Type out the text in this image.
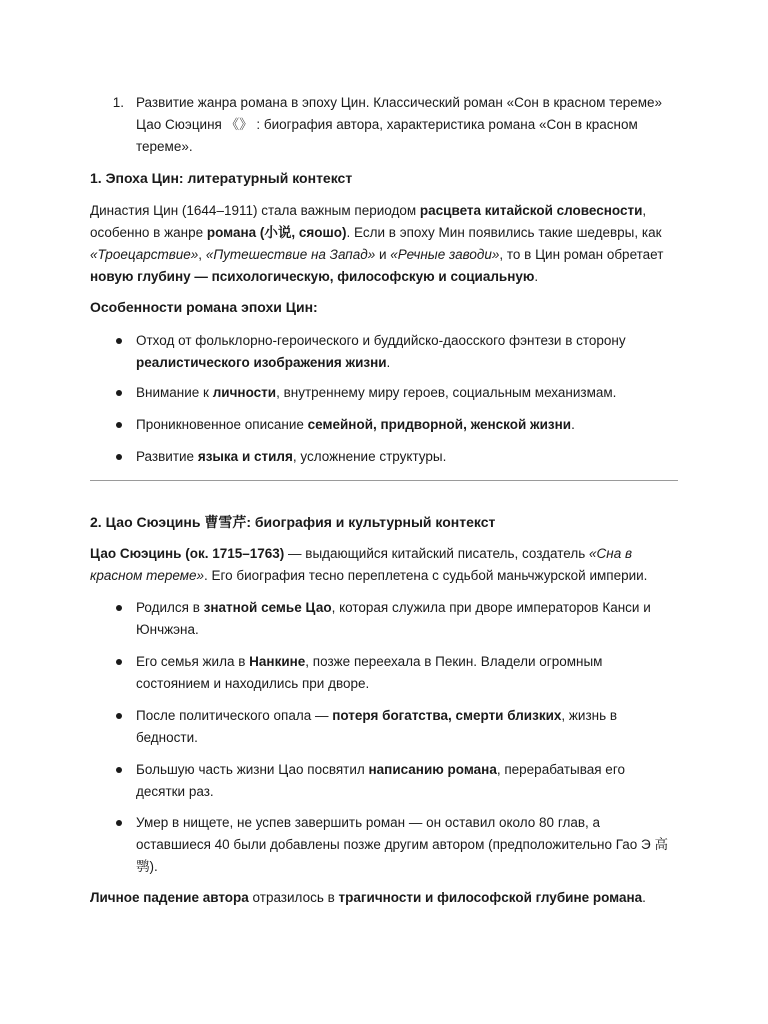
1. Развитие жанра романа в эпоху Цин. Классический роман «Сон в красном тереме»
Цао Сюэциня 《》 : биография автора, характеристика романа «Сон в красном
тереме».
1. Эпоха Цин: литературный контекст
Династия Цин (1644–1911) стала важным периодом расцвета китайской словесности,
особенно в жанре романа (小说, сяошо). Если в эпоху Мин появились такие шедевры, как
«Троецарствие», «Путешествие на Запад» и «Речные заводи», то в Цин роман обретает
новую глубину — психологическую, философскую и социальную.
Особенности романа эпохи Цин:
Отход от фольклорно-героического и буддийско-даосского фэнтези в сторону
реалистического изображения жизни.
Внимание к личности, внутреннему миру героев, социальным механизмам.
Проникновенное описание семейной, придворной, женской жизни.
Развитие языка и стиля, усложнение структуры.
2. Цао Сюэцинь 曹雪芹: биография и культурный контекст
Цао Сюэцинь (ок. 1715–1763) — выдающийся китайский писатель, создатель «Сна в
красном тереме». Его биография тесно переплетена с судьбой маньчжурской империи.
Родился в знатной семье Цао, которая служила при дворе императоров Канси и
Юнчжэна.
Его семья жила в Нанкине, позже переехала в Пекин. Владели огромным
состоянием и находились при дворе.
После политического опала — потеря богатства, смерти близких, жизнь в
бедности.
Большую часть жизни Цао посвятил написанию романа, перерабатывая его
десятки раз.
Умер в нищете, не успев завершить роман — он оставил около 80 глав, а
оставшиеся 40 были добавлены позже другим автором (предположительно Гао Э 高
鹗).
Личное падение автора отразилось в трагичности и философской глубине романа.
